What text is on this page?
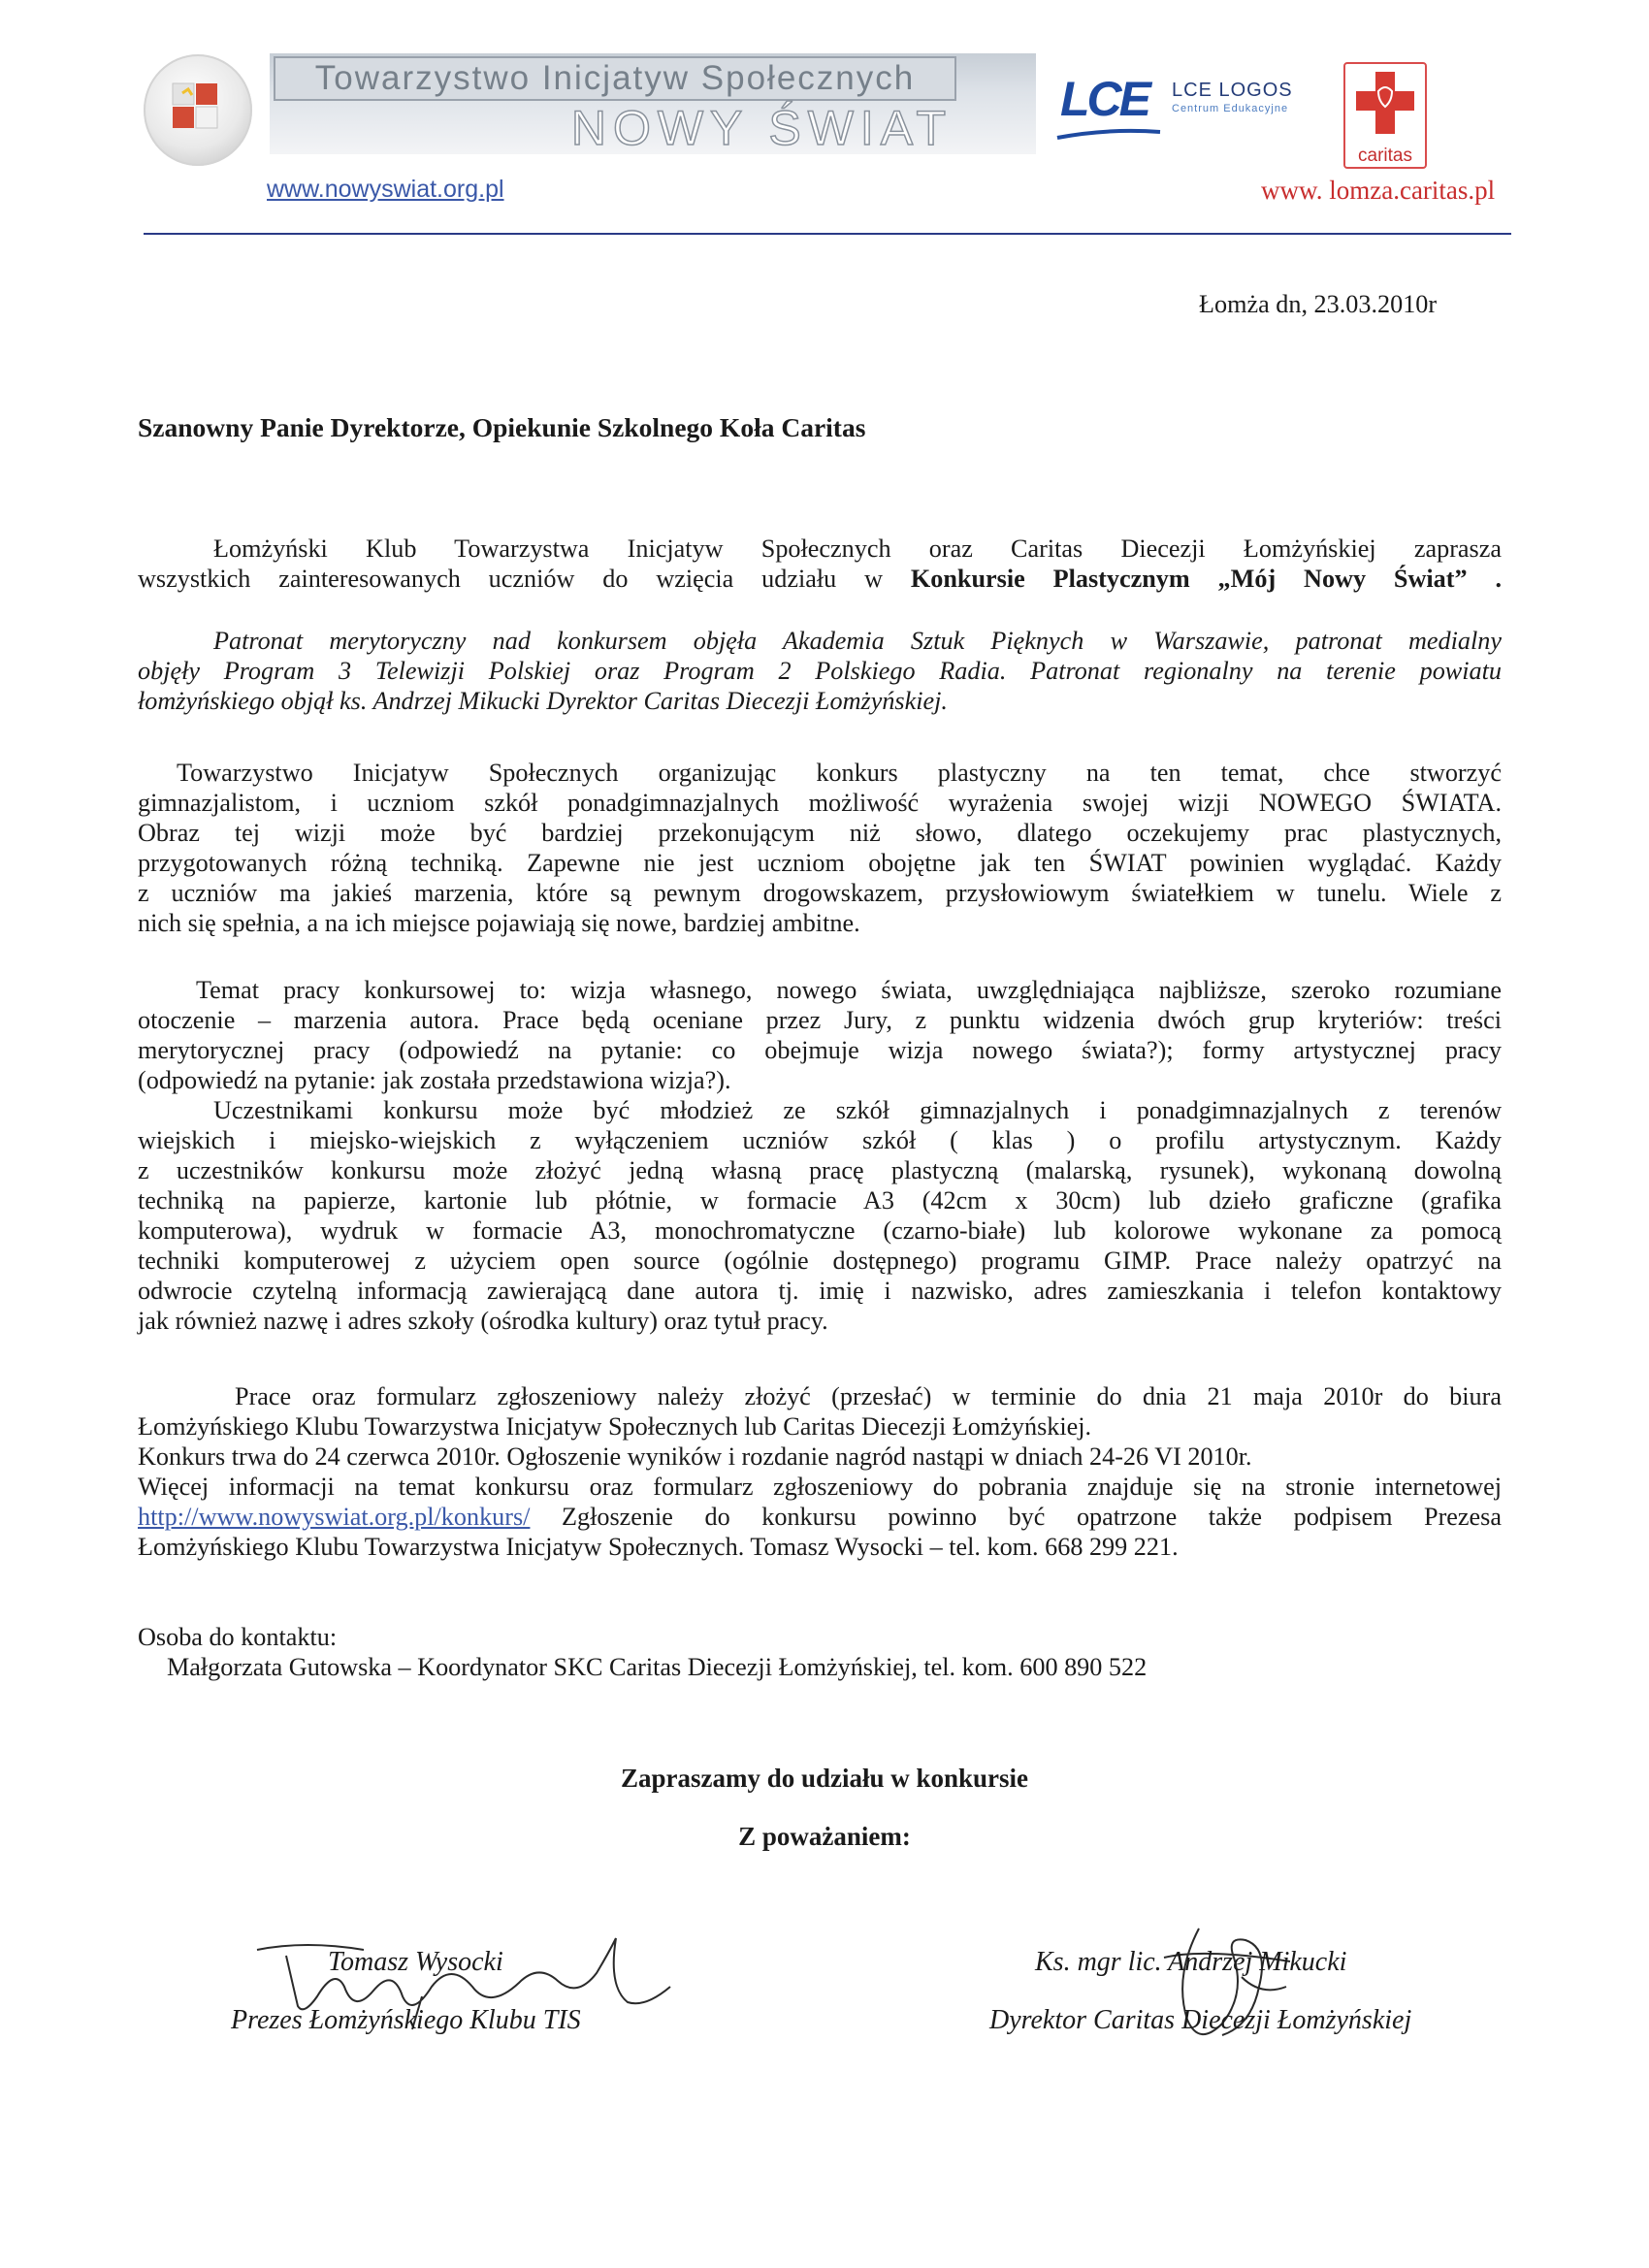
Towarzystwo Inicjatyw Społecznych
NOWY ŚWIAT
www.nowyswiat.org.pl
LCE LCE LOGOS
Centrum Edukacyjne
caritas
www. lomza.caritas.pl
Łomża dn, 23.03.2010r
Szanowny Panie Dyrektorze, Opiekunie Szkolnego Koła Caritas
Łomżyński Klub Towarzystwa Inicjatyw Społecznych oraz Caritas Diecezji Łomżyńskiej zaprasza
wszystkich zainteresowanych uczniów do wzięcia udziału w Konkursie Plastycznym „Mój Nowy Świat” .
Patronat merytoryczny nad konkursem objęła Akademia Sztuk Pięknych w Warszawie, patronat medialny
objęły Program 3 Telewizji Polskiej oraz Program 2 Polskiego Radia. Patronat regionalny na terenie powiatu
łomżyńskiego objął ks. Andrzej Mikucki Dyrektor Caritas Diecezji Łomżyńskiej.
Towarzystwo Inicjatyw Społecznych organizując konkurs plastyczny na ten temat, chce stworzyć
gimnazjalistom, i uczniom szkół ponadgimnazjalnych możliwość wyrażenia swojej wizji NOWEGO ŚWIATA.
Obraz tej wizji może być bardziej przekonującym niż słowo, dlatego oczekujemy prac plastycznych,
przygotowanych różną techniką. Zapewne nie jest uczniom obojętne jak ten ŚWIAT powinien wyglądać. Każdy
z uczniów ma jakieś marzenia, które są pewnym drogowskazem, przysłowiowym światełkiem w tunelu. Wiele z
nich się spełnia, a na ich miejsce pojawiają się nowe, bardziej ambitne.
Temat pracy konkursowej to: wizja własnego, nowego świata, uwzględniająca najbliższe, szeroko rozumiane
otoczenie – marzenia autora. Prace będą oceniane przez Jury, z punktu widzenia dwóch grup kryteriów: treści
merytorycznej pracy (odpowiedź na pytanie: co obejmuje wizja nowego świata?); formy artystycznej pracy
(odpowiedź na pytanie: jak została przedstawiona wizja?).
Uczestnikami konkursu może być młodzież ze szkół gimnazjalnych i ponadgimnazjalnych z terenów
wiejskich i miejsko-wiejskich z wyłączeniem uczniów szkół ( klas ) o profilu artystycznym. Każdy
z uczestników konkursu może złożyć jedną własną pracę plastyczną (malarską, rysunek), wykonaną dowolną
techniką na papierze, kartonie lub płótnie, w formacie A3 (42cm x 30cm) lub dzieło graficzne (grafika
komputerowa), wydruk w formacie A3, monochromatyczne (czarno-białe) lub kolorowe wykonane za pomocą
techniki komputerowej z użyciem open source (ogólnie dostępnego) programu GIMP. Prace należy opatrzyć na
odwrocie czytelną informacją zawierającą dane autora tj. imię i nazwisko, adres zamieszkania i telefon kontaktowy
jak również nazwę i adres szkoły (ośrodka kultury) oraz tytuł pracy.
Prace oraz formularz zgłoszeniowy należy złożyć (przesłać) w terminie do dnia 21 maja 2010r do biura
Łomżyńskiego Klubu Towarzystwa Inicjatyw Społecznych lub Caritas Diecezji Łomżyńskiej.
Konkurs trwa do 24 czerwca 2010r. Ogłoszenie wyników i rozdanie nagród nastąpi w dniach 24-26 VI 2010r.
Więcej informacji na temat konkursu oraz formularz zgłoszeniowy do pobrania znajduje się na stronie internetowej
http://www.nowyswiat.org.pl/konkurs/ Zgłoszenie do konkursu powinno być opatrzone także podpisem Prezesa
Łomżyńskiego Klubu Towarzystwa Inicjatyw Społecznych. Tomasz Wysocki – tel. kom. 668 299 221.
Osoba do kontaktu:
Małgorzata Gutowska – Koordynator SKC Caritas Diecezji Łomżyńskiej, tel. kom. 600 890 522
Zapraszamy do udziału w konkursie
Z poważaniem:
Tomasz Wysocki
Prezes Łomżyńskiego Klubu TIS
Ks. mgr lic. Andrzej Mikucki
Dyrektor Caritas Diecezji Łomżyńskiej
